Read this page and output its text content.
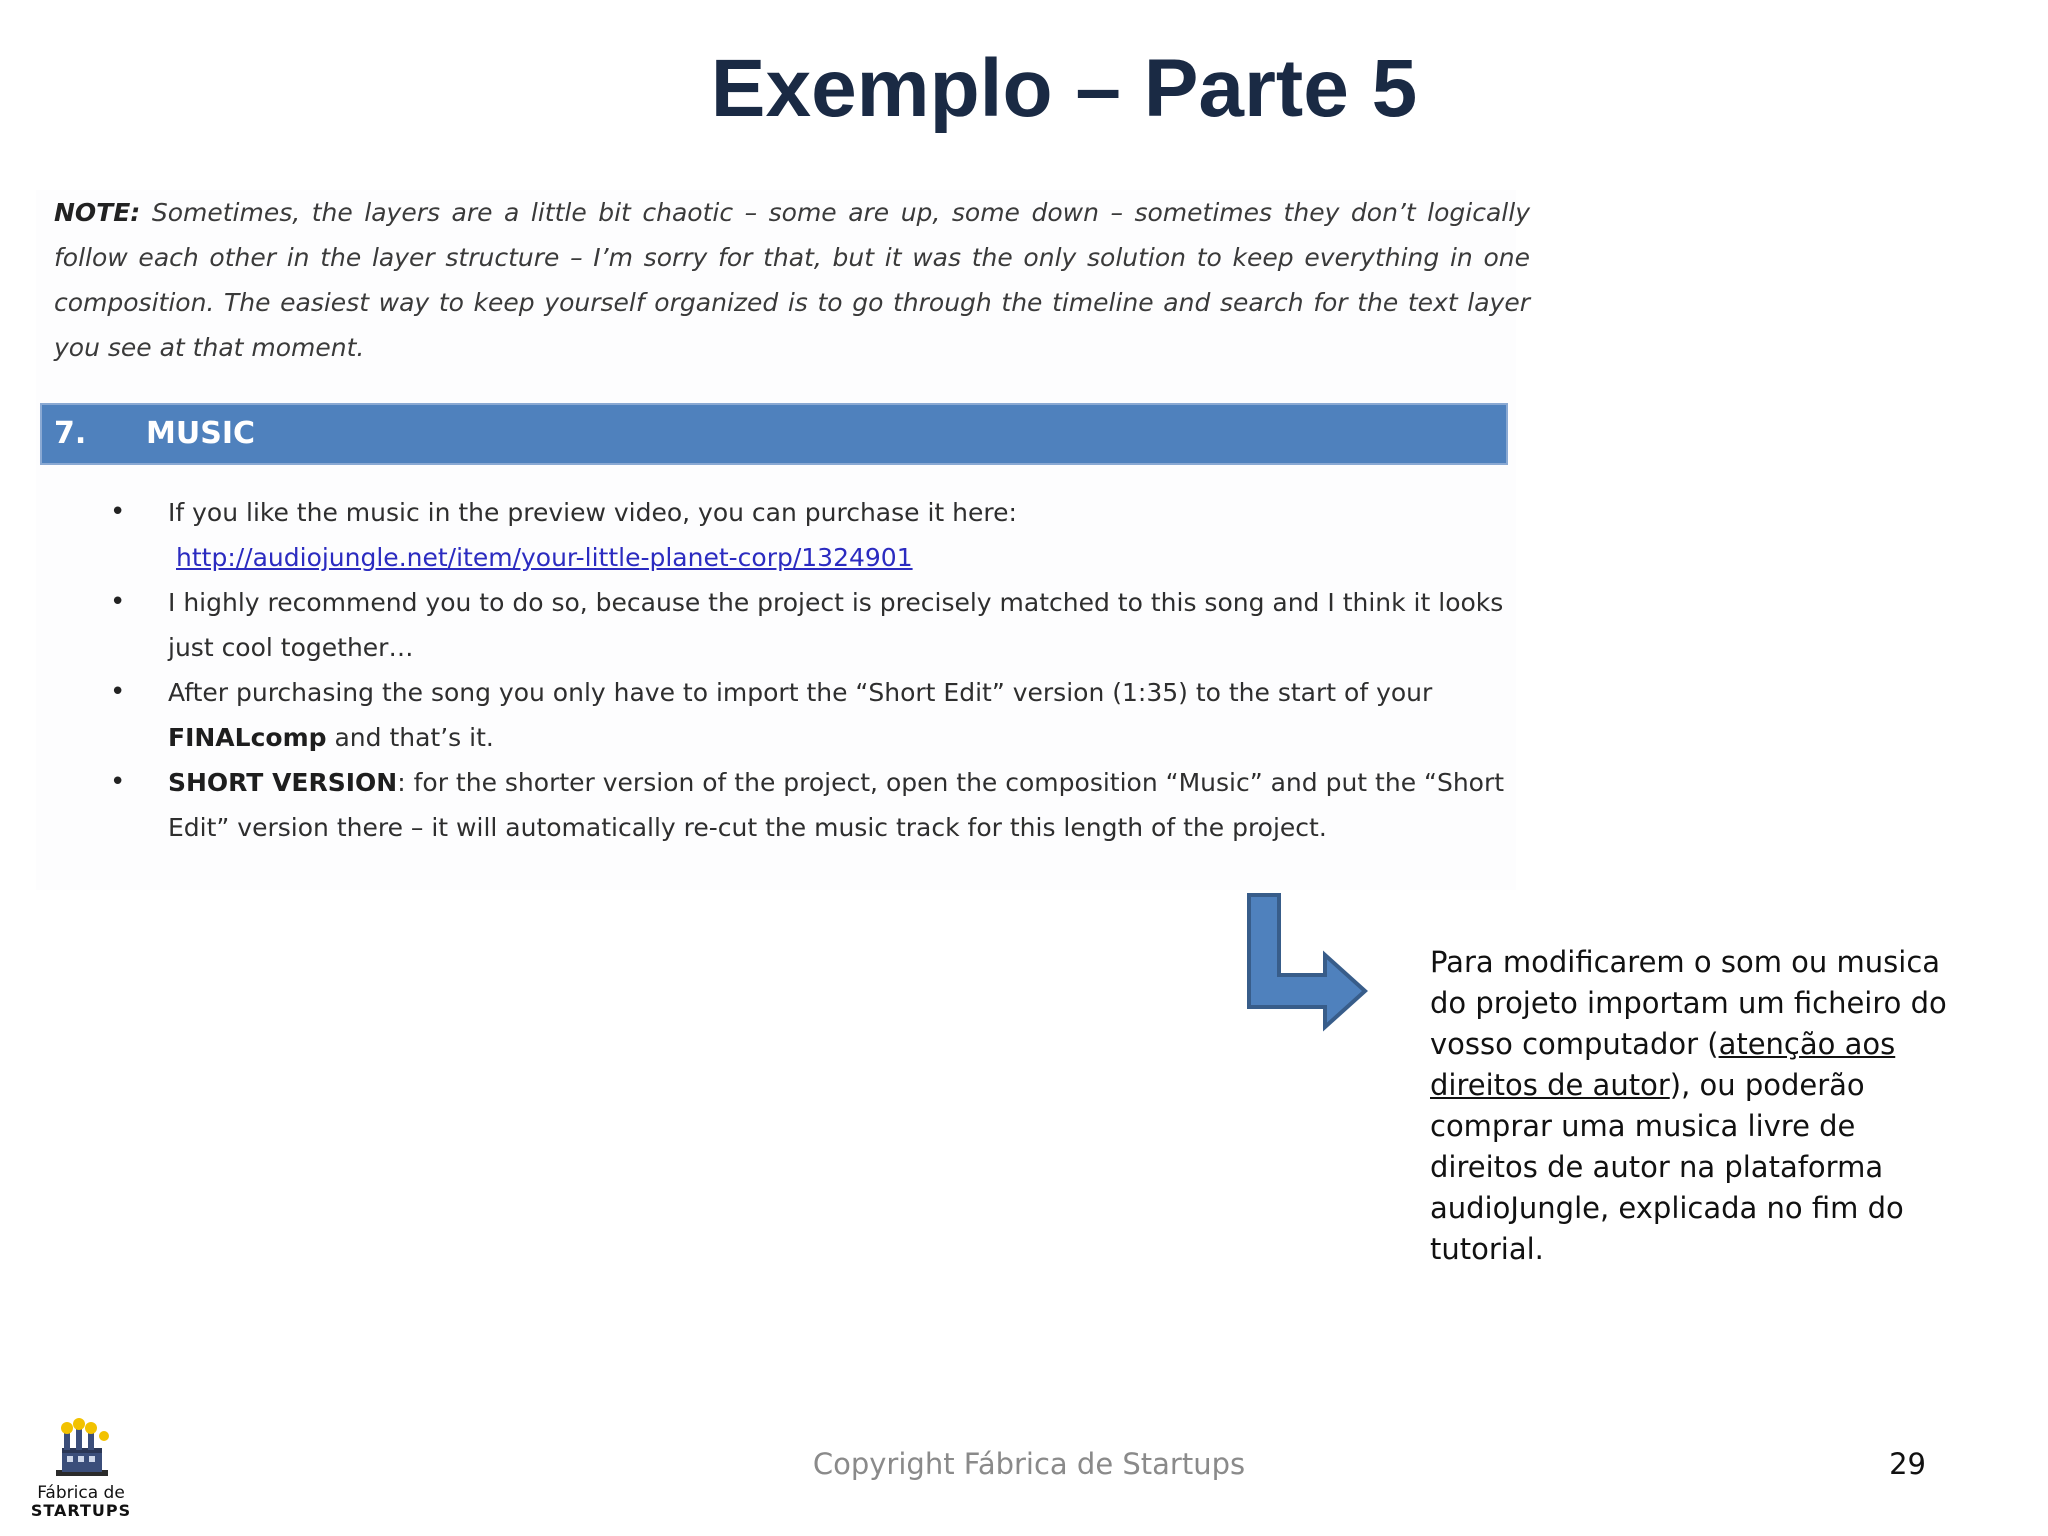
Exemplo – Parte 5
NOTE: Sometimes, the layers are a little bit chaotic – some are up, some down – sometimes they don’t logically follow each other in the layer structure – I’m sorry for that, but it was the only solution to keep everything in one composition. The easiest way to keep yourself organized is to go through the timeline and search for the text layer you see at that moment.
7. MUSIC
• If you like the music in the preview video, you can purchase it here:
http://audiojungle.net/item/your-little-planet-corp/1324901
• I highly recommend you to do so, because the project is precisely matched to this song and I think it looks just cool together…
• After purchasing the song you only have to import the “Short Edit” version (1:35) to the start of your FINALcomp and that’s it.
• SHORT VERSION: for the shorter version of the project, open the composition “Music” and put the “Short Edit” version there – it will automatically re-cut the music track for this length of the project.
Para modificarem o som ou musica do projeto importam um ficheiro do vosso computador (atenção aos direitos de autor), ou poderão comprar uma musica livre de direitos de autor na plataforma audioJungle, explicada no fim do tutorial.
Fábrica de
STARTUPS
Copyright Fábrica de Startups	29
